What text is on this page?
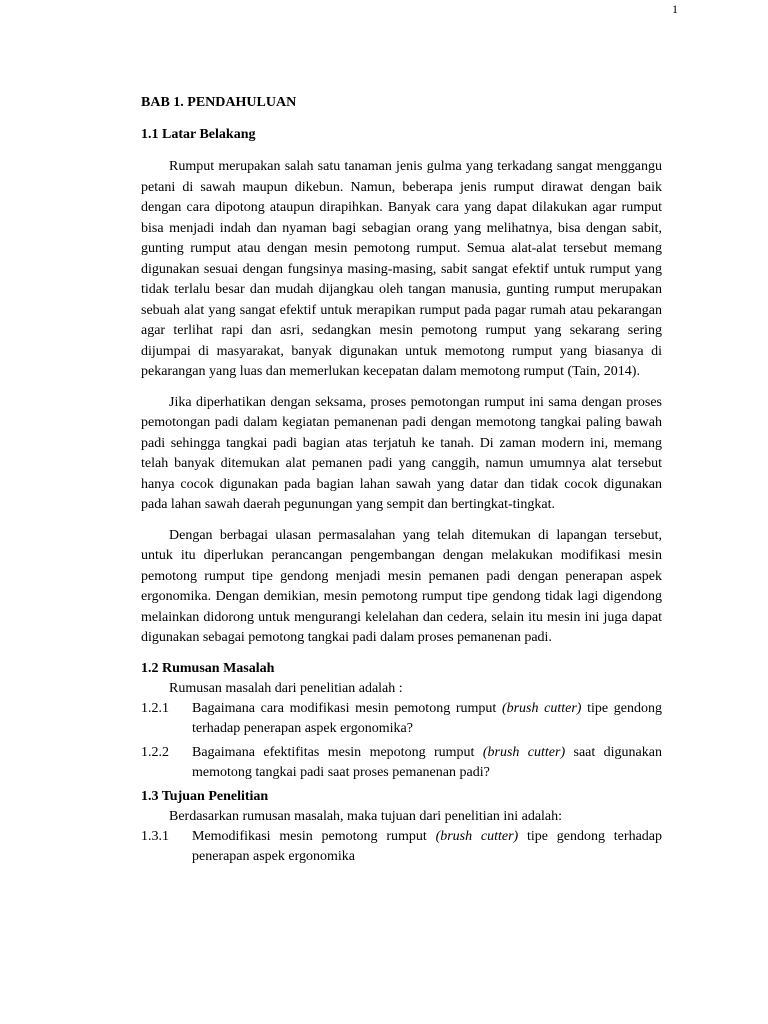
1
BAB 1. PENDAHULUAN
1.1 Latar Belakang

Rumput merupakan salah satu tanaman jenis gulma yang terkadang sangat menggangu petani di sawah maupun dikebun. Namun, beberapa jenis rumput dirawat dengan baik dengan cara dipotong ataupun dirapihkan. Banyak cara yang dapat dilakukan agar rumput bisa menjadi indah dan nyaman bagi sebagian orang yang melihatnya, bisa dengan sabit, gunting rumput atau dengan mesin pemotong rumput. Semua alat-alat tersebut memang digunakan sesuai dengan fungsinya masing-masing, sabit sangat efektif untuk rumput yang tidak terlalu besar dan mudah dijangkau oleh tangan manusia, gunting rumput merupakan sebuah alat yang sangat efektif untuk merapikan rumput pada pagar rumah atau pekarangan agar terlihat rapi dan asri, sedangkan mesin pemotong rumput yang sekarang sering dijumpai di masyarakat, banyak digunakan untuk memotong rumput yang biasanya di pekarangan yang luas dan memerlukan kecepatan dalam memotong rumput (Tain, 2014).

Jika diperhatikan dengan seksama, proses pemotongan rumput ini sama dengan proses pemotongan padi dalam kegiatan pemanenan padi dengan memotong tangkai paling bawah padi sehingga tangkai padi bagian atas terjatuh ke tanah. Di zaman modern ini, memang telah banyak ditemukan alat pemanen padi yang canggih, namun umumnya alat tersebut hanya cocok digunakan pada bagian lahan sawah yang datar dan tidak cocok digunakan pada lahan sawah daerah pegunungan yang sempit dan bertingkat-tingkat.

Dengan berbagai ulasan permasalahan yang telah ditemukan di lapangan tersebut, untuk itu diperlukan perancangan pengembangan dengan melakukan modifikasi mesin pemotong rumput tipe gendong menjadi mesin pemanen padi dengan penerapan aspek ergonomika. Dengan demikian, mesin pemotong rumput tipe gendong tidak lagi digendong melainkan didorong untuk mengurangi kelelahan dan cedera, selain itu mesin ini juga dapat digunakan sebagai pemotong tangkai padi dalam proses pemanenan padi.

1.2 Rumusan Masalah
Rumusan masalah dari penelitian adalah :
1.2.1 Bagaimana cara modifikasi mesin pemotong rumput (brush cutter) tipe gendong terhadap penerapan aspek ergonomika?
1.2.2 Bagaimana efektifitas mesin mepotong rumput (brush cutter) saat digunakan memotong tangkai padi saat proses pemanenan padi?
1.3 Tujuan Penelitian
Berdasarkan rumusan masalah, maka tujuan dari penelitian ini adalah:
1.3.1 Memodifikasi mesin pemotong rumput (brush cutter) tipe gendong terhadap penerapan aspek ergonomika
